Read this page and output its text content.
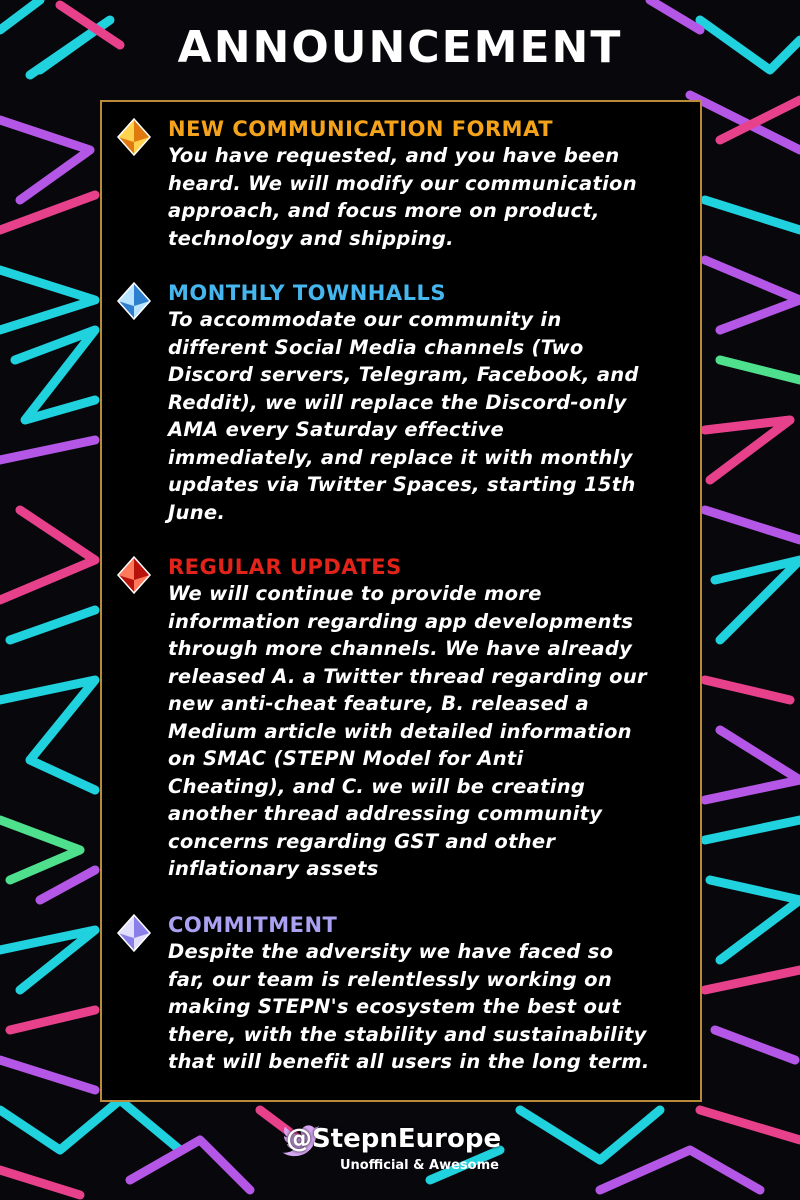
ANNOUNCEMENT
NEW COMMUNICATION FORMAT
You have requested, and you have been
heard. We will modify our communication
approach, and focus more on product,
technology and shipping.
MONTHLY TOWNHALLS
To accommodate our community in
different Social Media channels (Two
Discord servers, Telegram, Facebook, and
Reddit), we will replace the Discord-only
AMA every Saturday effective
immediately, and replace it with monthly
updates via Twitter Spaces, starting 15th
June.
REGULAR UPDATES
We will continue to provide more
information regarding app developments
through more channels. We have already
released A. a Twitter thread regarding our
new anti-cheat feature, B. released a
Medium article with detailed information
on SMAC (STEPN Model for Anti
Cheating), and C. we will be creating
another thread addressing community
concerns regarding GST and other
inflationary assets
COMMITMENT
Despite the adversity we have faced so
far, our team is relentlessly working on
making STEPN's ecosystem the best out
there, with the stability and sustainability
that will benefit all users in the long term.
@StepnEurope
Unofficial & Awesome
